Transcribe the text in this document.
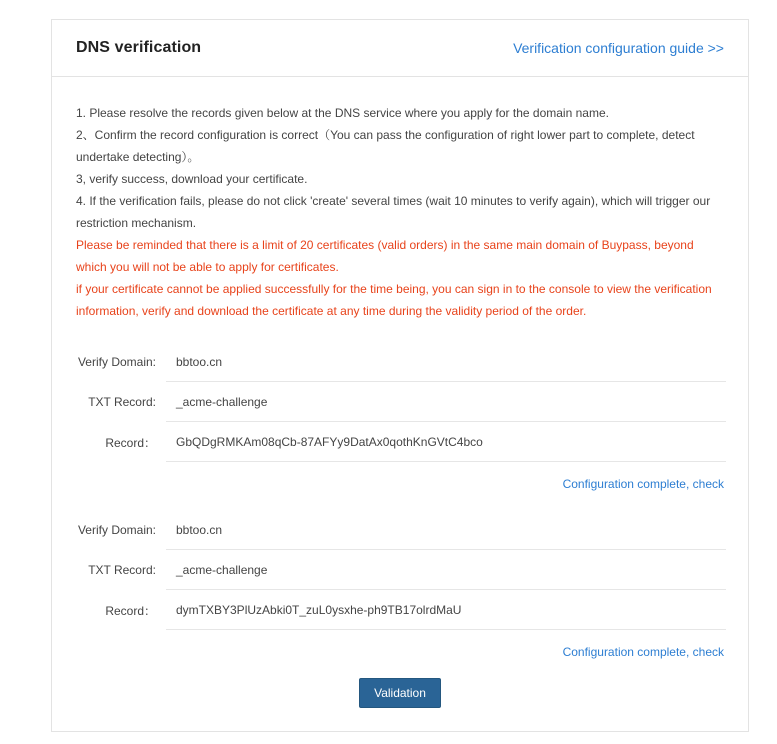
DNS verification	Verification configuration guide >>

1. Please resolve the records given below at the DNS service where you apply for the domain name.

2、Confirm the record configuration is correct（You can pass the configuration of right lower part to complete, detect undertake detecting）。

3, verify success, download your certificate.

4. If the verification fails, please do not click 'create' several times (wait 10 minutes to verify again), which will trigger our restriction mechanism.

Please be reminded that there is a limit of 20 certificates (valid orders) in the same main domain of Buypass, beyond which you will not be able to apply for certificates.

if your certificate cannot be applied successfully for the time being, you can sign in to the console to view the verification information, verify and download the certificate at any time during the validity period of the order.

Verify Domain:	bbtoo.cn
TXT Record:	_acme-challenge
Record：	GbQDgRMKAm08qCb-87AFYy9DatAx0qothKnGVtC4bco
Configuration complete, check
Verify Domain:	bbtoo.cn
TXT Record:	_acme-challenge
Record：	dymTXBY3PlUzAbki0T_zuL0ysxhe-ph9TB17olrdMaU
Configuration complete, check
Validation
